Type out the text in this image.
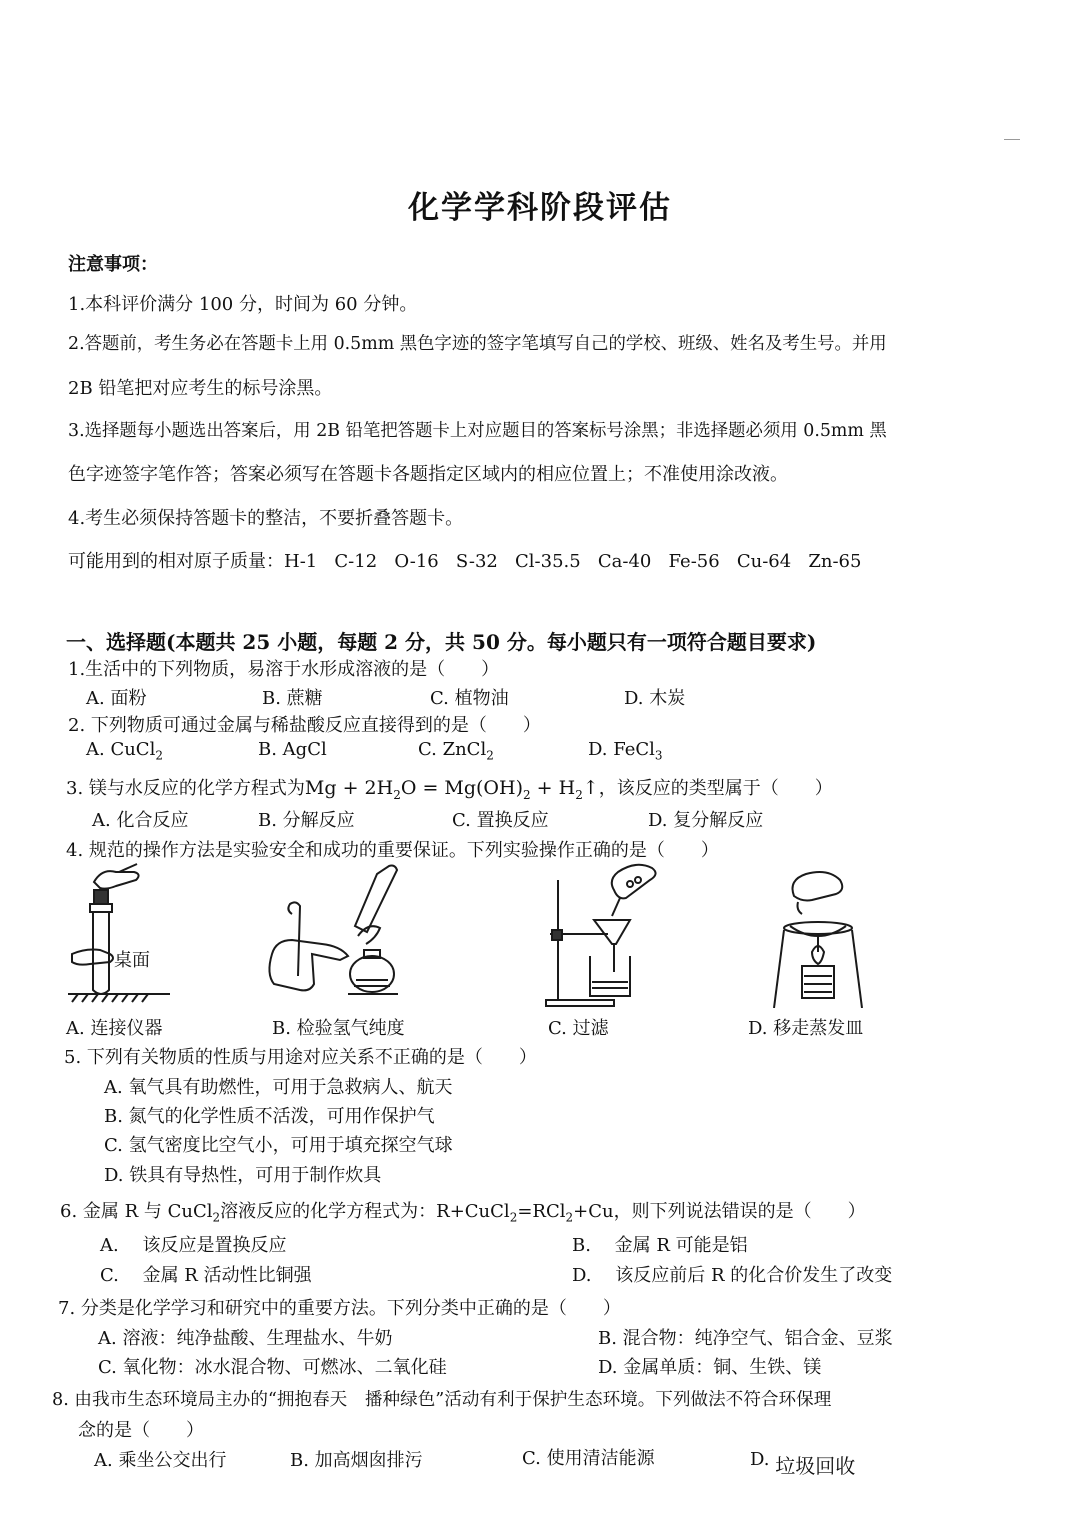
化学学科阶段评估
注意事项：
1.本科评价满分 100 分，时间为 60 分钟。
2.答题前，考生务必在答题卡上用 0.5mm 黑色字迹的签字笔填写自己的学校、班级、姓名及考生号。并用
2B 铅笔把对应考生的标号涂黑。
3.选择题每小题选出答案后，用 2B 铅笔把答题卡上对应题目的答案标号涂黑；非选择题必须用 0.5mm 黑
色字迹签字笔作答；答案必须写在答题卡各题指定区域内的相应位置上；不准使用涂改液。
4.考生必须保持答题卡的整洁，不要折叠答题卡。
可能用到的相对原子质量：H-1   C-12   O-16   S-32   Cl-35.5   Ca-40   Fe-56   Cu-64   Zn-65
一、选择题(本题共 25 小题，每题 2 分，共 50 分。每小题只有一项符合题目要求)
1.生活中的下列物质，易溶于水形成溶液的是（　　）
A. 面粉	B. 蔗糖	C. 植物油	D. 木炭
2. 下列物质可通过金属与稀盐酸反应直接得到的是（　　）
A. CuCl$_2$	B. AgCl	C. ZnCl$_2$	D. FeCl$_3$
3. 镁与水反应的化学方程式为$Mg + 2H_2O = Mg(OH)_2$ + $H_2↑$，该反应的类型属于（　　）
A. 化合反应	B. 分解反应	C. 置换反应	D. 复分解反应
4. 规范的操作方法是实验安全和成功的重要保证。下列实验操作正确的是（　　）
桌面
A. 连接仪器	B. 检验氢气纯度	C. 过滤	D. 移走蒸发皿
5. 下列有关物质的性质与用途对应关系不正确的是（　　）
A. 氧气具有助燃性，可用于急救病人、航天
B. 氮气的化学性质不活泼，可用作保护气
C. 氢气密度比空气小，可用于填充探空气球
D. 铁具有导热性，可用于制作炊具
6. 金属 R 与 CuCl$_2$溶液反应的化学方程式为：R+CuCl$_2$=RCl$_2$+Cu，则下列说法错误的是（　　）
A.　 该反应是置换反应	B.　 金属 R 可能是铝
C.　 金属 R 活动性比铜强	D.　 该反应前后 R 的化合价发生了改变
7. 分类是化学学习和研究中的重要方法。下列分类中正确的是（　　）
A. 溶液：纯净盐酸、生理盐水、牛奶	B. 混合物：纯净空气、铝合金、豆浆
C. 氧化物：冰水混合物、可燃冰、二氧化硅	D. 金属单质：铜、生铁、镁
8. 由我市生态环境局主办的“拥抱春天　播种绿色”活动有利于保护生态环境。下列做法不符合环保理
念的是（　　）
A. 乘坐公交出行	B. 加高烟囱排污	C. 使用清洁能源	D. 垃圾回收
